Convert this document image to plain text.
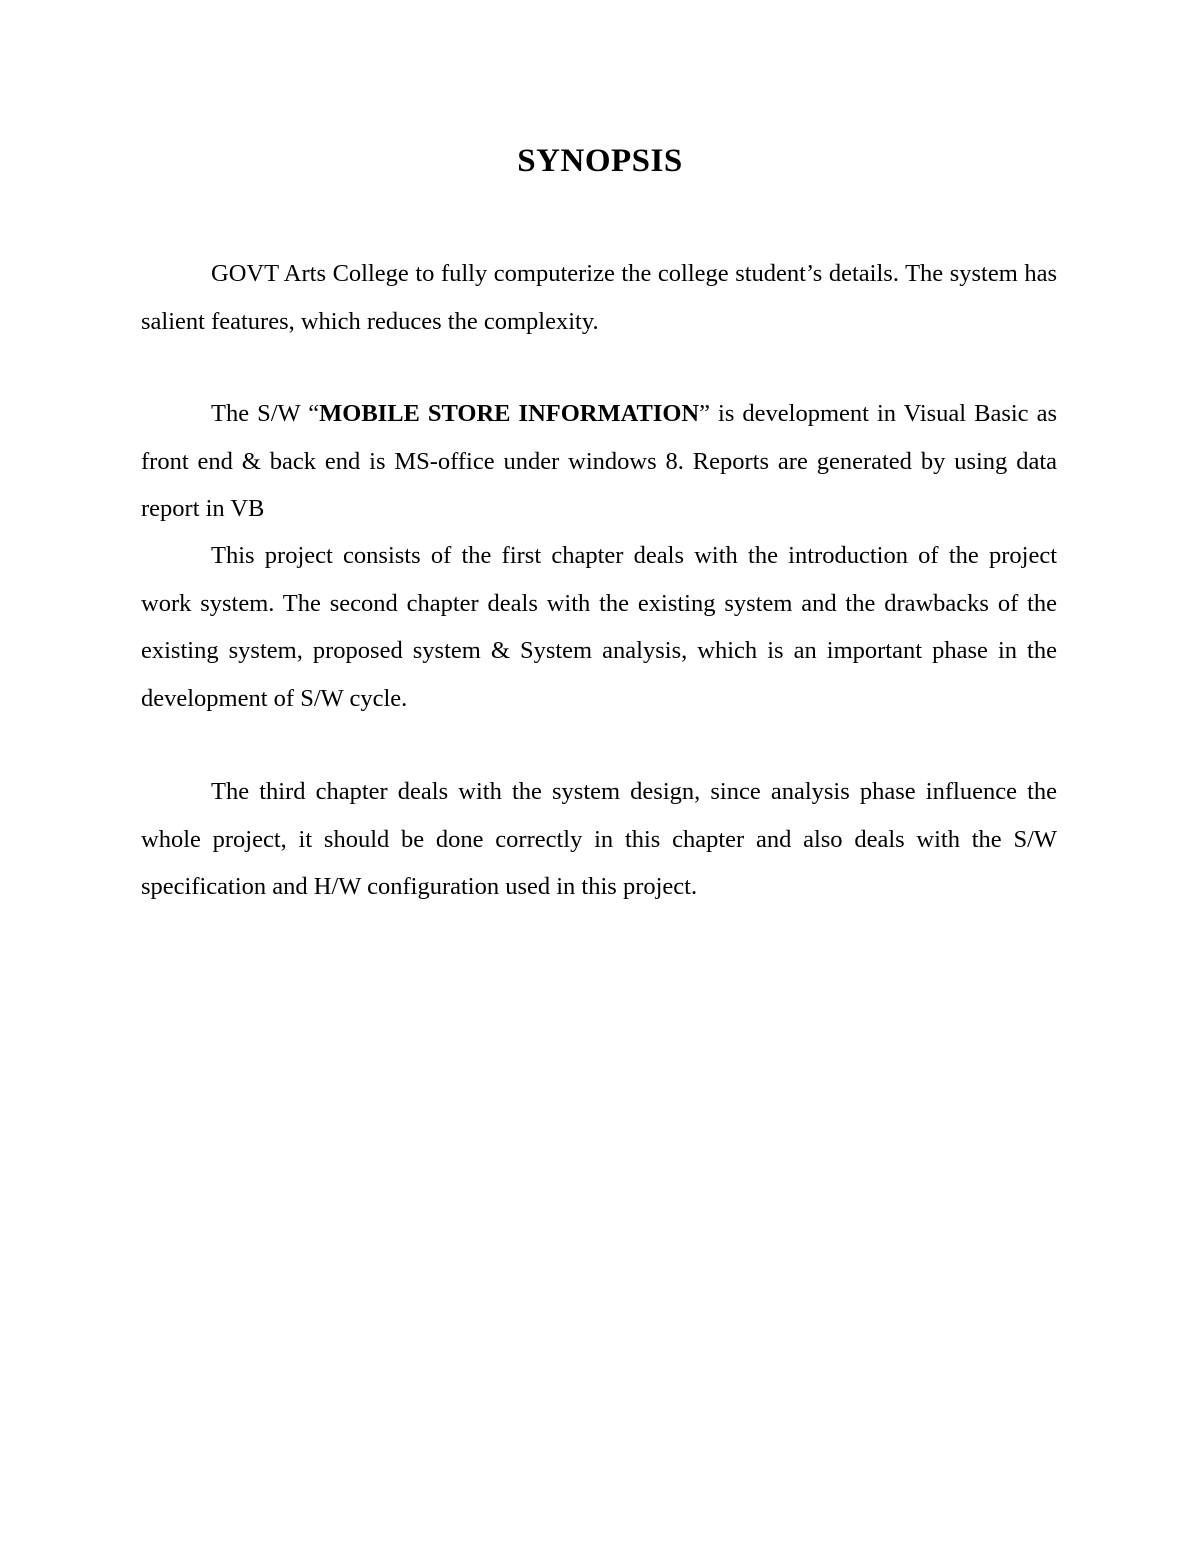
SYNOPSIS

GOVT Arts College to fully computerize the college student’s details. The system has salient features, which reduces the complexity.

The S/W “MOBILE STORE INFORMATION” is development in Visual Basic as front end & back end is MS-office under windows 8. Reports are generated by using data report in VB

This project consists of the first chapter deals with the introduction of the project work system. The second chapter deals with the existing system and the drawbacks of the existing system, proposed system & System analysis, which is an important phase in the development of S/W cycle.

The third chapter deals with the system design, since analysis phase influence the whole project, it should be done correctly in this chapter and also deals with the S/W specification and H/W configuration used in this project.
